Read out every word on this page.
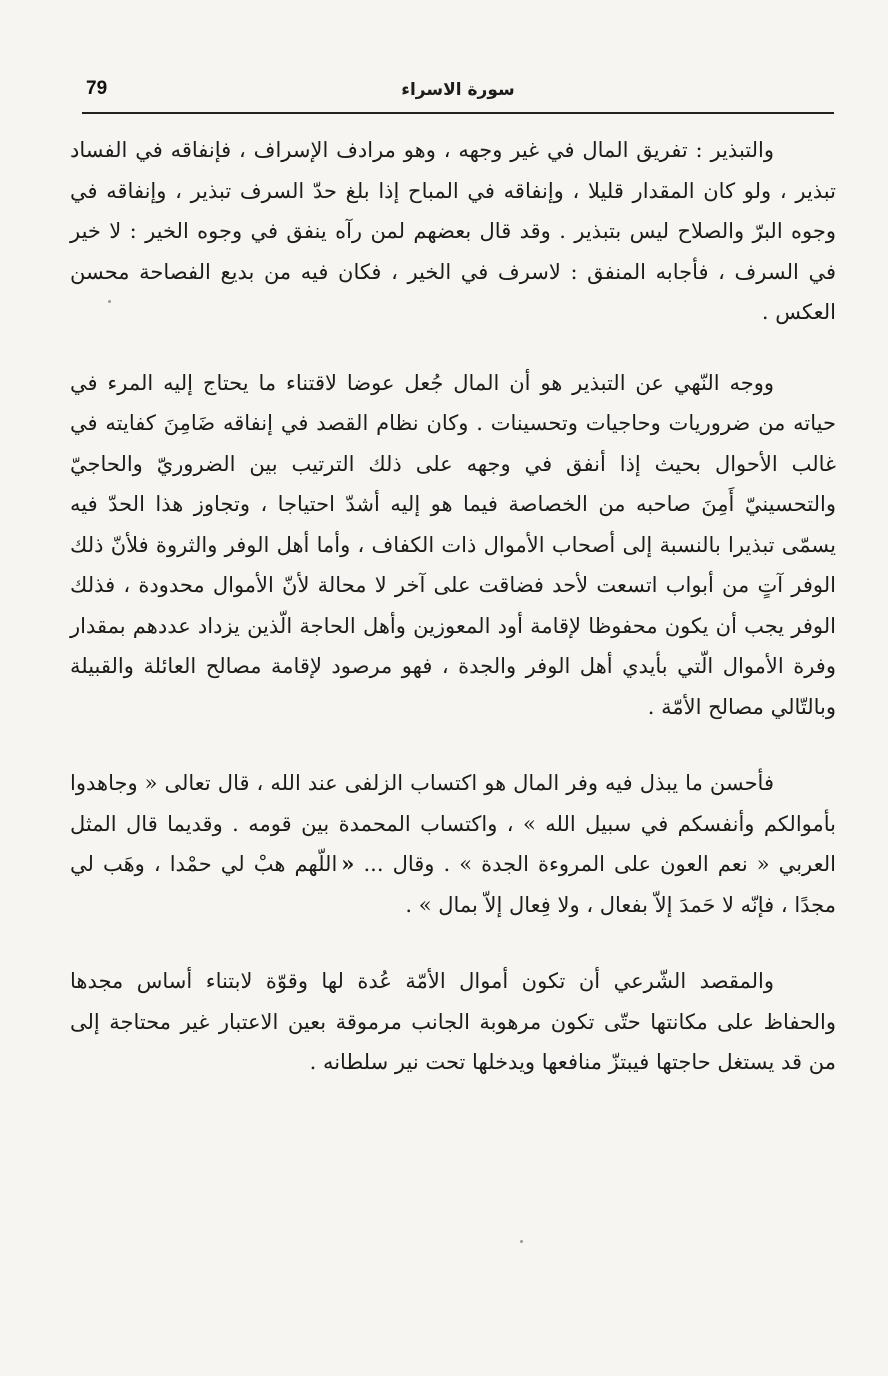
79	سورة الاسراء

والتبذير : تفريق المال في غير وجهه ، وهو مرادف الإسراف ، فإنفاقه في الفساد تبذير ، ولو كان المقدار قليلا ، وإنفاقه في المباح إذا بلغ حدّ السرف تبذير ، وإنفاقه في وجوه البرّ والصلاح ليس بتبذير . وقد قال بعضهم لمن رآه ينفق في وجوه الخير : لا خير في السرف ، فأجابه المنفق : لاسرف في الخير ، فكان فيه من بديع الفصاحة محسن العكس .

ووجه النّهي عن التبذير هو أن المال جُعل عوضا لاقتناء ما يحتاج إليه المرء في حياته من ضروريات وحاجيات وتحسينات . وكان نظام القصد في إنفاقه ضَامِنَ كفايته في غالب الأحوال بحيث إذا أنفق في وجهه على ذلك الترتيب بين الضروريّ والحاجيّ والتحسينيّ أَمِنَ صاحبه من الخصاصة فيما هو إليه أشدّ احتياجا ، وتجاوز هذا الحدّ فيه يسمّى تبذيرا بالنسبة إلى أصحاب الأموال ذات الكفاف ، وأما أهل الوفر والثروة فلأنّ ذلك الوفر آتٍ من أبواب اتسعت لأحد فضاقت على آخر لا محالة لأنّ الأموال محدودة ، فذلك الوفر يجب أن يكون محفوظا لإقامة أود المعوزين وأهل الحاجة الّذين يزداد عددهم بمقدار وفرة الأموال الّتي بأيدي أهل الوفر والجدة ، فهو مرصود لإقامة مصالح العائلة والقبيلة وبالتّالي مصالح الأمّة .

فأحسن ما يبذل فيه وفر المال هو اكتساب الزلفى عند الله ، قال تعالى « وجاهدوا بأموالكم وأنفسكم في سبيل الله » ، واكتساب المحمدة بين قومه . وقديما قال المثل العربي « نعم العون على المروءة الجدة » . وقال ... «اللّهم هبْ لي حمْدا ، وهَب لي مجدًا ، فإنّه لا حَمدَ إلاّ بفعال ، ولا فِعال إلاّ بمال » .

والمقصد الشّرعي أن تكون أموال الأمّة عُدة لها وقوّة لابتناء أساس مجدها والحفاظ على مكانتها حتّى تكون مرهوبة الجانب مرموقة بعين الاعتبار غير محتاجة إلى من قد يستغل حاجتها فيبتزّ منافعها ويدخلها تحت نير سلطانه .
